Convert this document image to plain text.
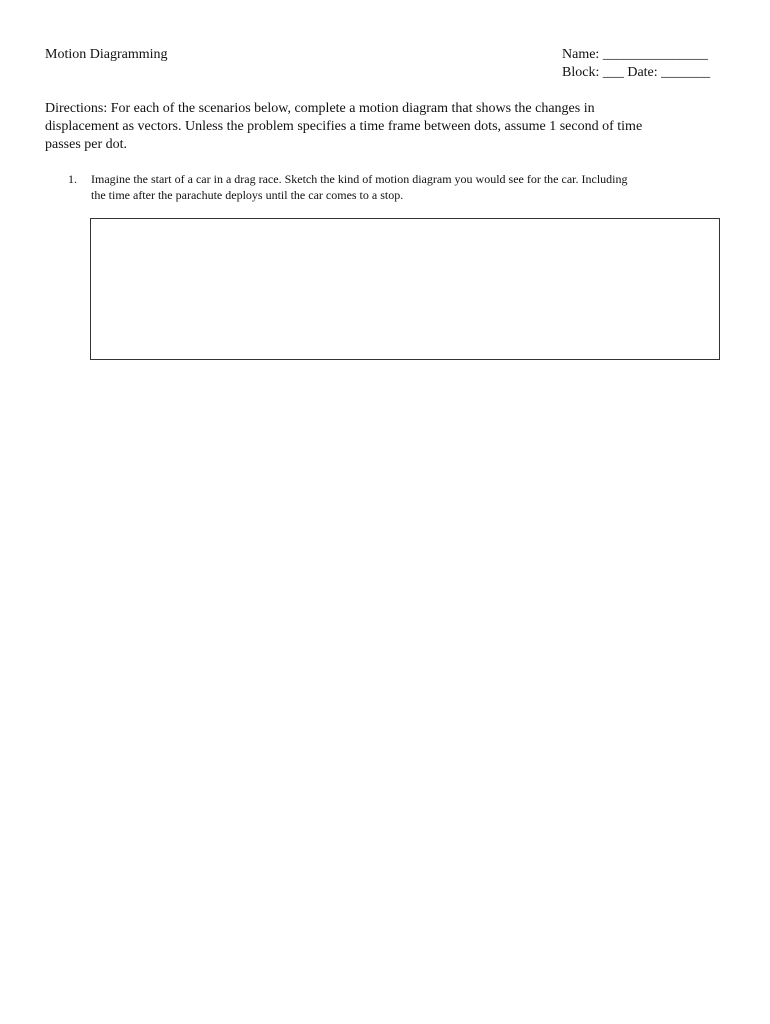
Motion Diagramming	Name: _______________
Block: ___ Date: _______
Directions: For each of the scenarios below, complete a motion diagram that shows the changes in
displacement as vectors. Unless the problem specifies a time frame between dots, assume 1 second of time
passes per dot.
1. Imagine the start of a car in a drag race. Sketch the kind of motion diagram you would see for the car. Including
the time after the parachute deploys until the car comes to a stop.
